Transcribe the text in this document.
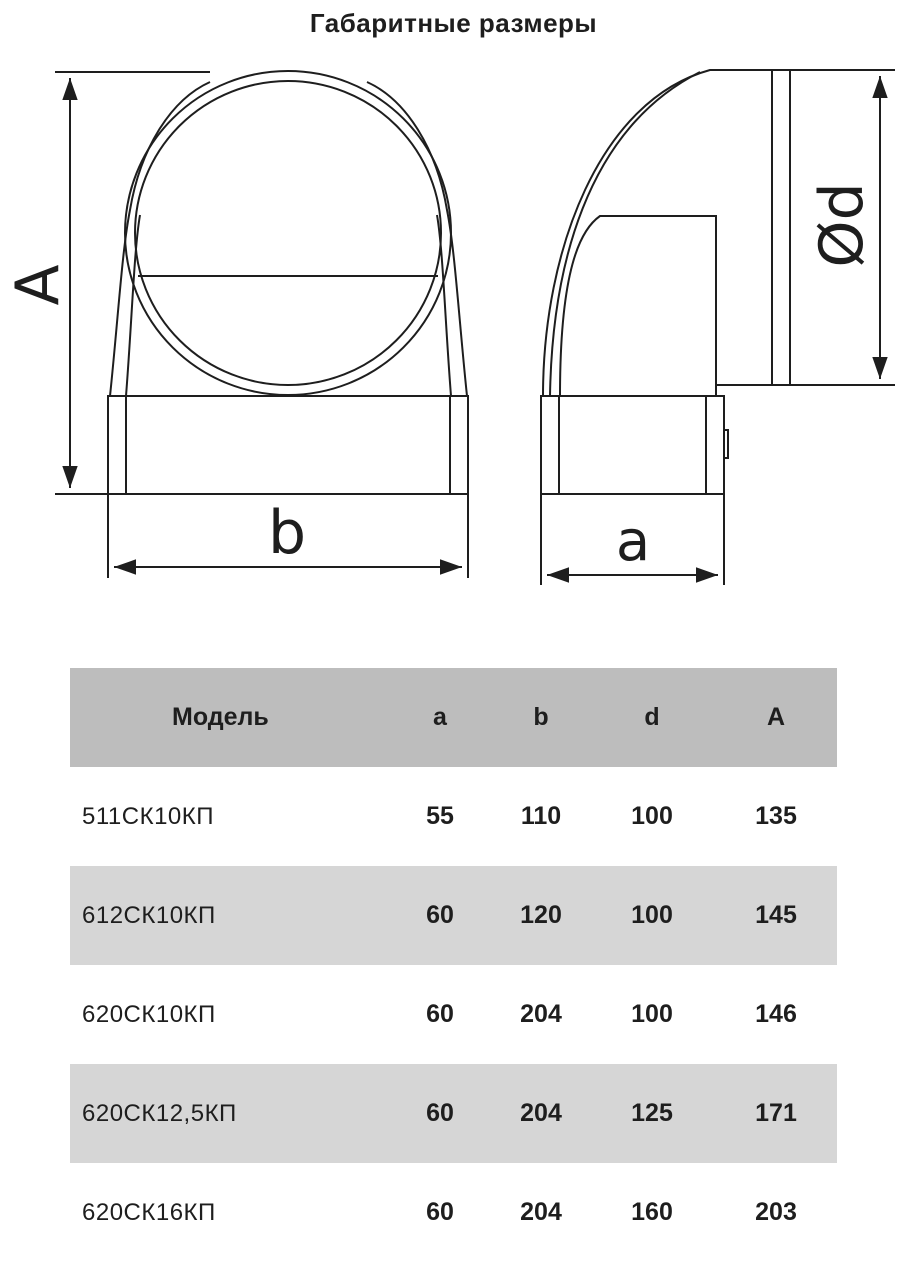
Габаритные размеры
A
b	a
Ød
Модель	a	b	d	A
511СК10КП	55	110	100	135
612СК10КП	60	120	100	145
620СК10КП	60	204	100	146
620СК12,5КП	60	204	125	171
620СК16КП	60	204	160	203
